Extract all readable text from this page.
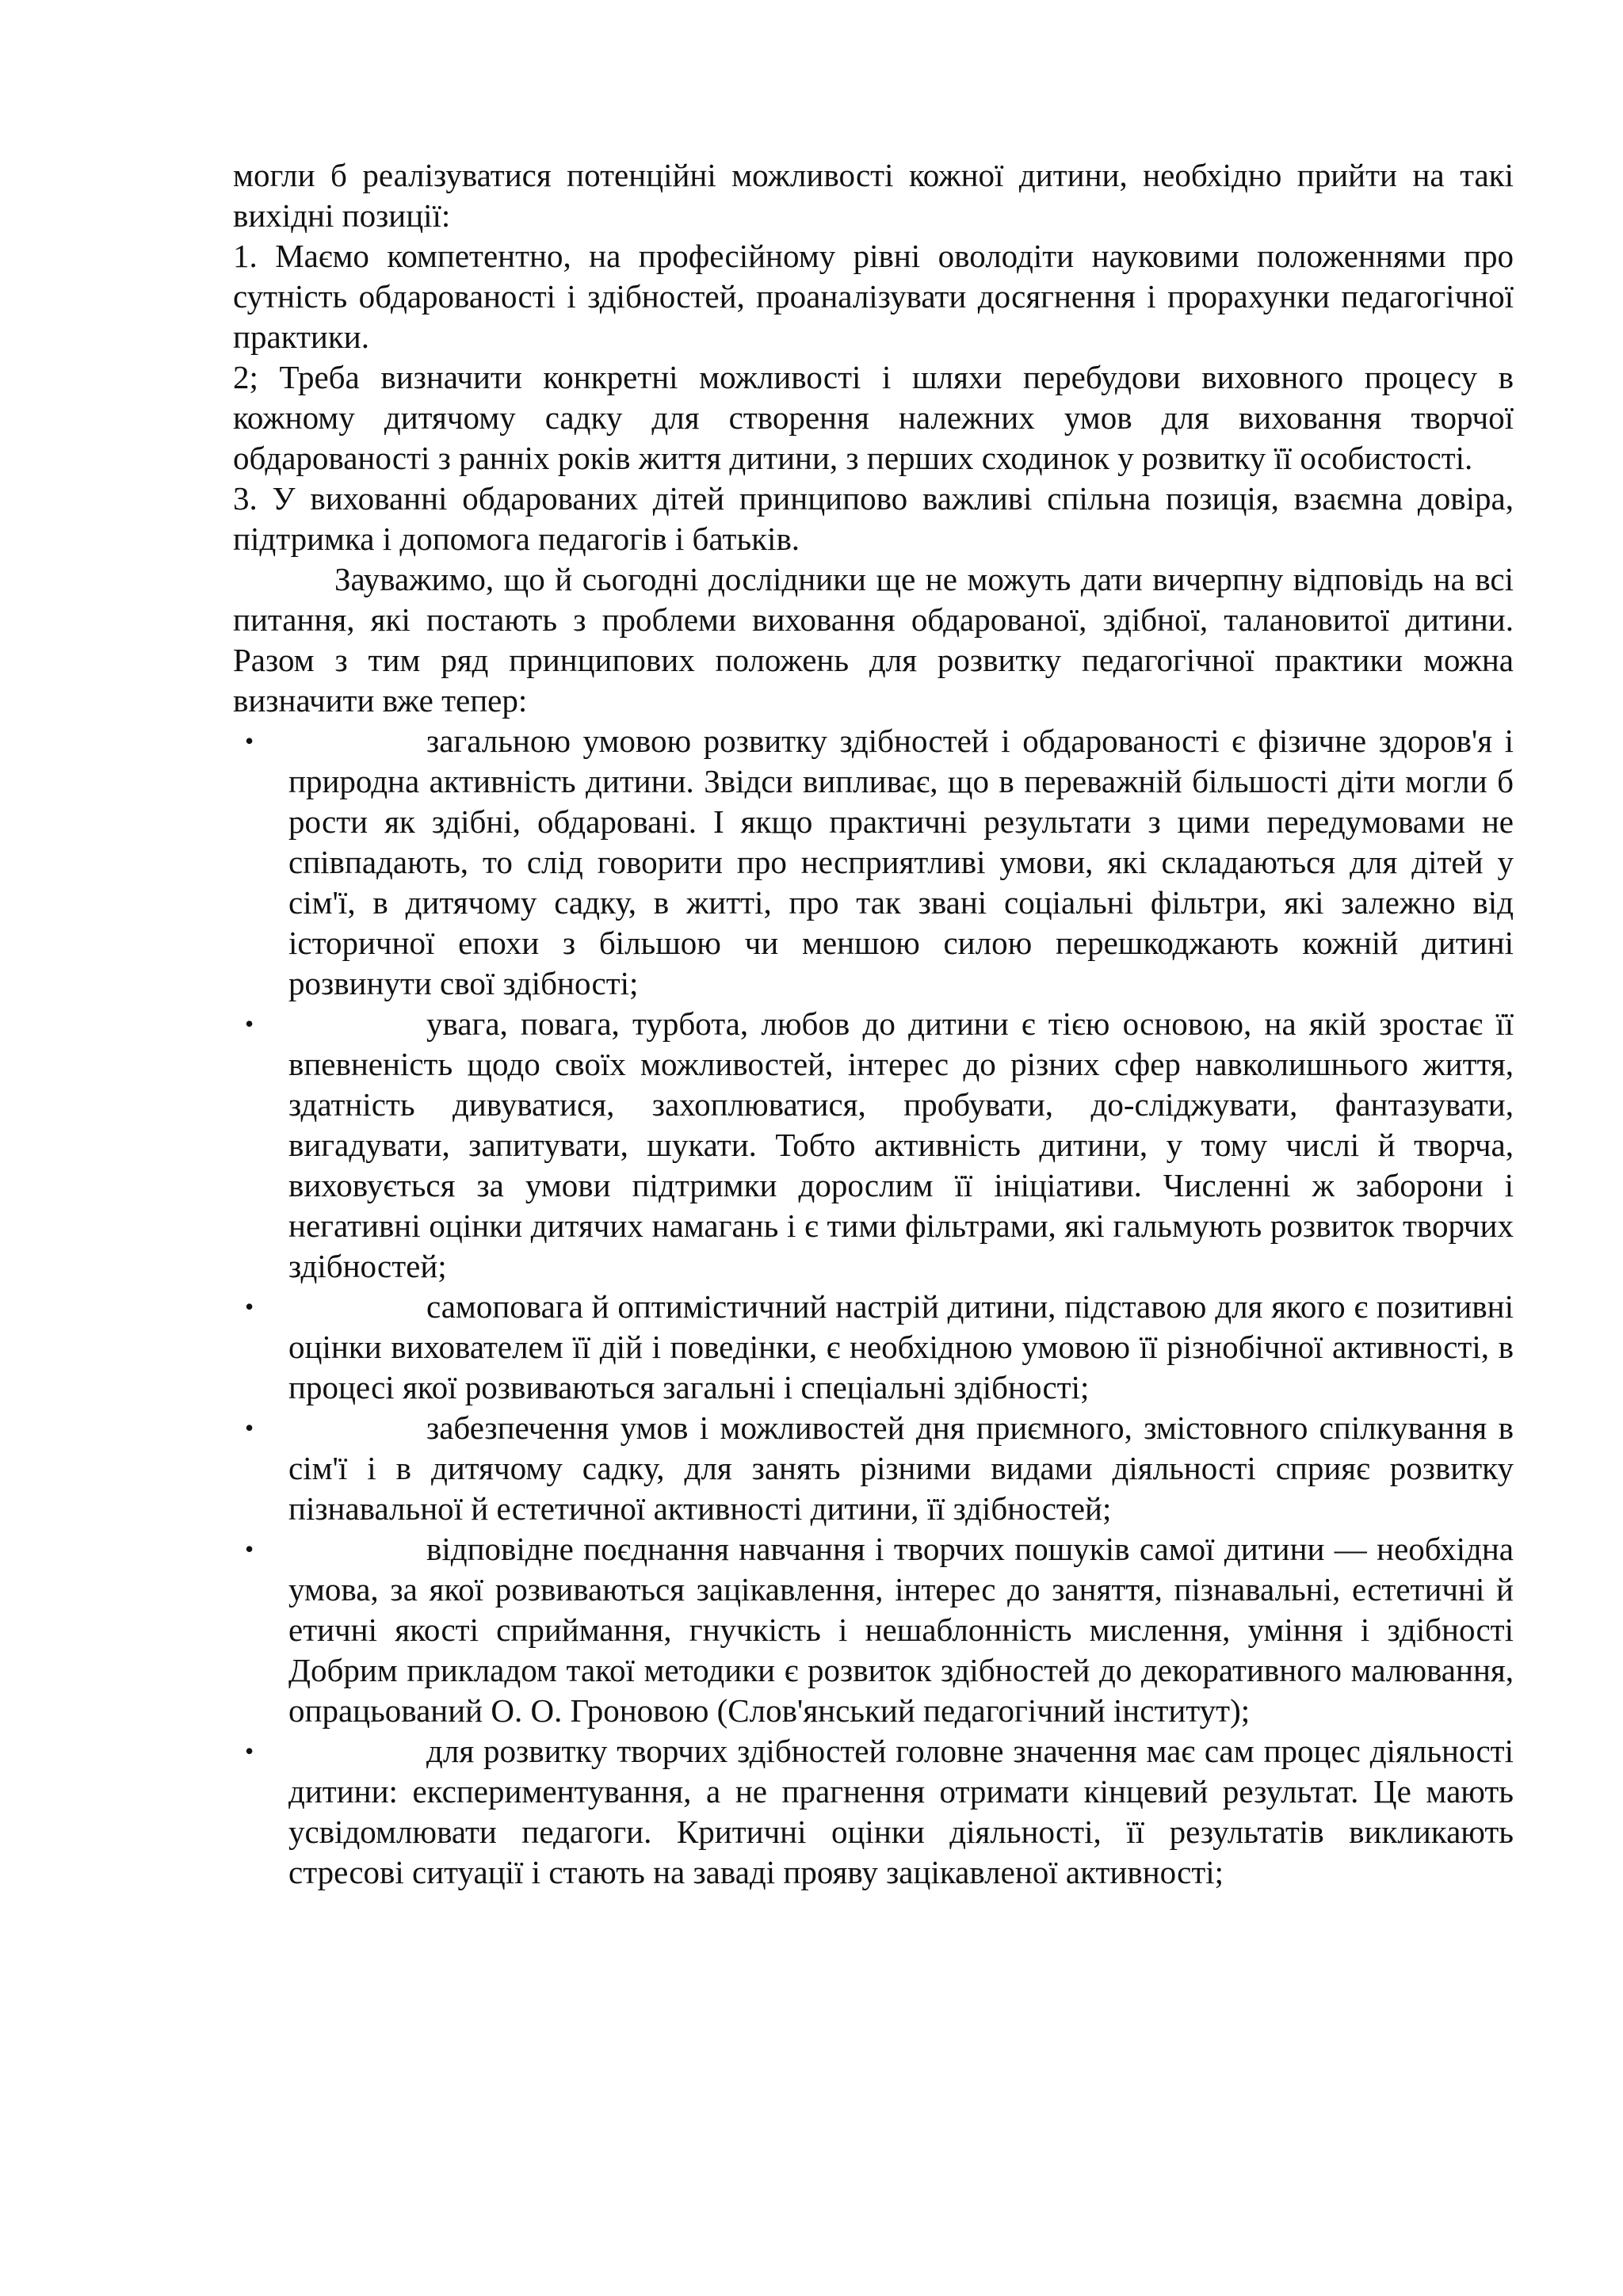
могли б реалізуватися потенційні можливості кожної дитини, необхідно прийти на такі вихідні позиції:

1. Маємо компетентно, на професійному рівні оволодіти науковими положеннями про сутність обдарованості і здібностей, проаналізувати досягнення і прорахунки педагогічної практики.

2; Треба визначити конкретні можливості і шляхи перебудови виховного процесу в кожному дитячому садку для створення належних умов для виховання творчої обдарованості з ранніх років життя дитини, з перших сходинок у розвитку її особистості.

3. У вихованні обдарованих дітей принципово важливі спільна позиція, взаємна довіра, підтримка і допомога педагогів і батьків.

Зауважимо, що й сьогодні дослідники ще не можуть дати вичерпну відповідь на всі питання, які постають з проблеми виховання обдарованої, здібної, талановитої дитини. Разом з тим ряд принципових положень для розвитку педагогічної практики можна визначити вже тепер:

•	загальною умовою розвитку здібностей і обдарованості є фізичне здоров'я і природна активність дитини. Звідси випливає, що в переважній більшості діти могли б рости як здібні, обдаровані. І якщо практичні результати з цими передумовами не співпадають, то слід говорити про несприятливі умови, які складаються для дітей у сім'ї, в дитячому садку, в житті, про так звані соціальні фільтри, які залежно від історичної епохи з більшою чи меншою силою перешкоджають кожній дитині розвинути свої здібності;
•	увага, повага, турбота, любов до дитини є тією основою, на якій зростає її впевненість щодо своїх можливостей, інтерес до різних сфер навколишнього життя, здатність дивуватися, захоплюватися, пробувати, до-сліджувати, фантазувати, вигадувати, запитувати, шукати. Тобто активність дитини, у тому числі й творча, виховується за умови підтримки дорослим її ініціативи. Численні ж заборони і негативні оцінки дитячих намагань і є тими фільтрами, які гальмують розвиток творчих здібностей;
•	самоповага й оптимістичний настрій дитини, підставою для якого є позитивні оцінки вихователем її дій і поведінки, є необхідною умовою її різнобічної активності, в процесі якої розвиваються загальні і спеціальні здібності;
•	забезпечення умов і можливостей дня приємного, змістовного спілкування в сім'ї і в дитячому садку, для занять різними видами діяльності сприяє розвитку пізнавальної й естетичної активності дитини, її здібностей;
•	відповідне поєднання навчання і творчих пошуків самої дитини — необхідна умова, за якої розвиваються зацікавлення, інтерес до заняття, пізнавальні, естетичні й етичні якості сприймання, гнучкість і нешаблонність мислення, уміння і здібності Добрим прикладом такої методики є розвиток здібностей до декоративного малювання, опрацьований О. О. Гроновою (Слов'янський педагогічний інститут);
•	для розвитку творчих здібностей головне значення має сам процес діяльності дитини: експериментування, а не прагнення отримати кінцевий результат. Це мають усвідомлювати педагоги. Критичні оцінки діяльності, її результатів викликають стресові ситуації і стають на заваді прояву зацікавленої активності;
